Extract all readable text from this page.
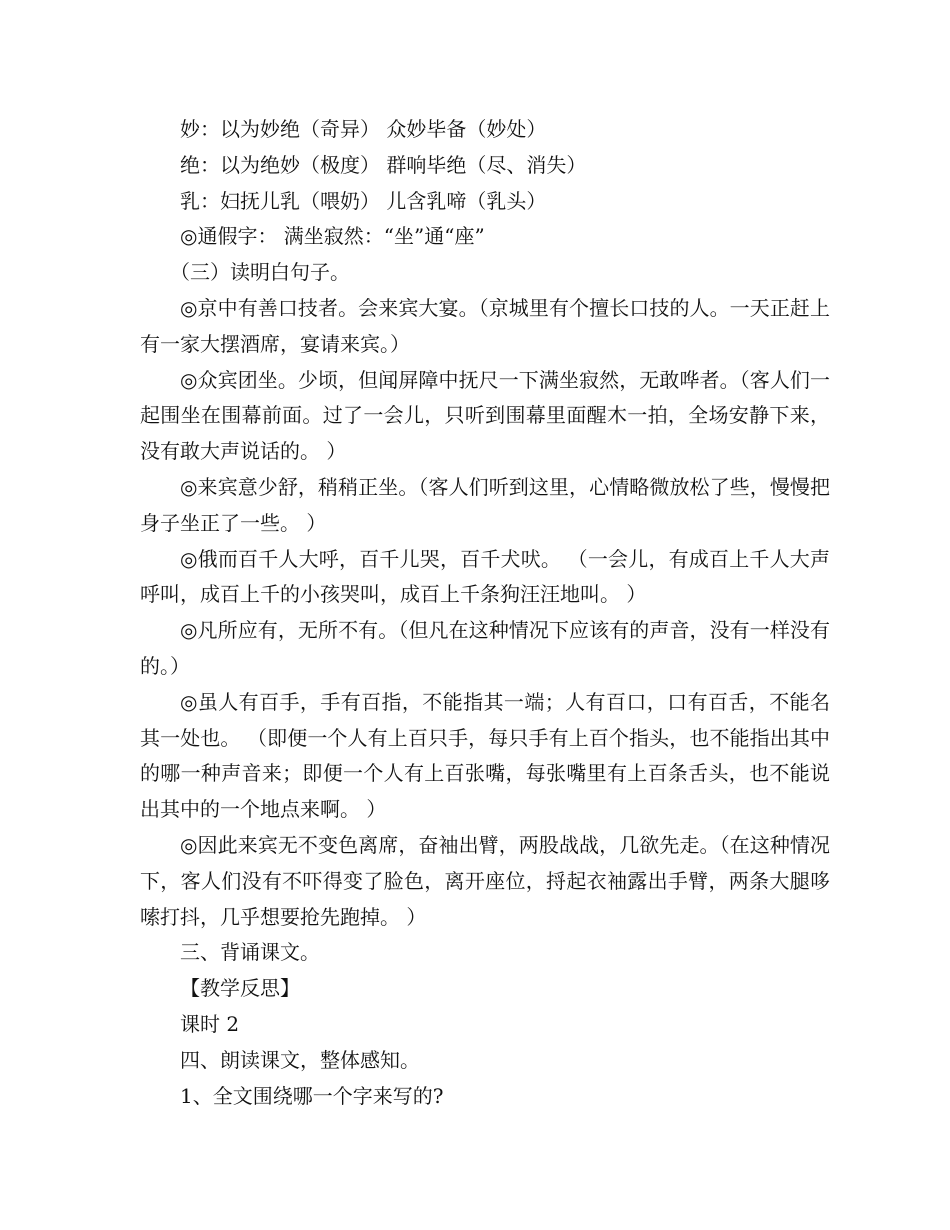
妙：以为妙绝（奇异） 众妙毕备（妙处）

绝：以为绝妙（极度） 群响毕绝（尽、消失）

乳：妇抚儿乳（喂奶） 儿含乳啼（乳头）

◎通假字： 满坐寂然：“坐”通“座”

（三）读明白句子。

◎京中有善口技者。会来宾大宴。（京城里有个擅长口技的人。一天正赶上有一家大摆酒席，宴请来宾。）

◎众宾团坐。少顷，但闻屏障中抚尺一下满坐寂然，无敢哗者。（客人们一起围坐在围幕前面。过了一会儿，只听到围幕里面醒木一拍，全场安静下来，没有敢大声说话的。 ）

◎来宾意少舒，稍稍正坐。（客人们听到这里，心情略微放松了些，慢慢把身子坐正了一些。 ）

◎俄而百千人大呼，百千儿哭，百千犬吠。 （一会儿，有成百上千人大声呼叫，成百上千的小孩哭叫，成百上千条狗汪汪地叫。 ）

◎凡所应有，无所不有。（但凡在这种情况下应该有的声音，没有一样没有的。）

◎虽人有百手，手有百指，不能指其一端；人有百口，口有百舌，不能名其一处也。 （即便一个人有上百只手，每只手有上百个指头，也不能指出其中的哪一种声音来；即便一个人有上百张嘴，每张嘴里有上百条舌头，也不能说出其中的一个地点来啊。 ）

◎因此来宾无不变色离席，奋袖出臂，两股战战，几欲先走。（在这种情况下，客人们没有不吓得变了脸色，离开座位，捋起衣袖露出手臂，两条大腿哆嗦打抖，几乎想要抢先跑掉。 ）

三、背诵课文。

【教学反思】

课时 2

四、朗读课文，整体感知。

1、全文围绕哪一个字来写的?
